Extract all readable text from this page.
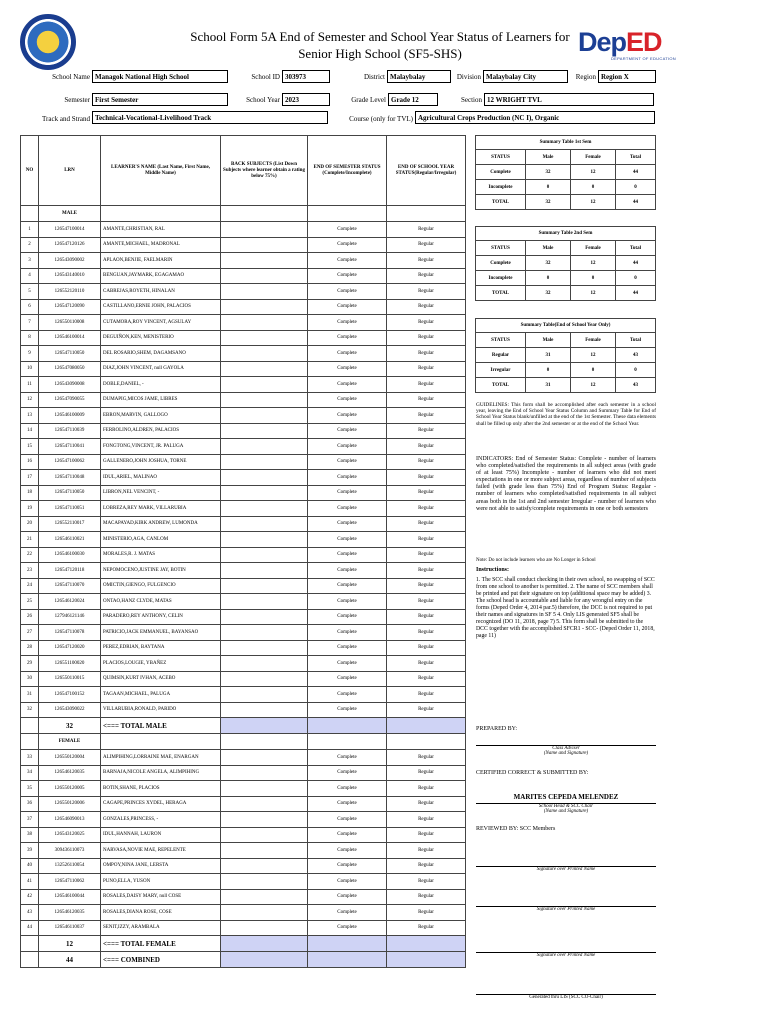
School Form 5A End of Semester and School Year Status of Learners for
Senior High School (SF5-SHS)	DepED
DEPARTMENT OF EDUCATION
School Name Managok National High School	School ID 303973	District Malaybalay	Division Malaybalay City	Region Region X
Semester First Semester	School Year 2023	Grade Level Grade 12	Section 12 WRIGHT TVL
Track and Strand Technical-Vocational-Livelihood Track	Course (only for TVL) Agricultural Crops Production (NC I), Organic
NO	LRN	LEARNER'S NAME (Last Name, First Name, Middle Name)	BACK SUBJECTS (List Down Subjects where learner obtain a rating below 75%)	END OF SEMESTER STATUS (Complete/Incomplete)	END OF SCHOOL YEAR STATUS(Regular/Irregular)
	MALE				
1	126547100014	AMANTE,CHRISTIAN, RAL		Complete	Regular
2	126547120126	AMANTE,MICHAEL, MADRONAL		Complete	Regular
3	126543090002	APLAON,BENJIE, FAELMARIN		Complete	Regular
4	126543140010	BENGUAN,JAYMARK, EGAGAMAO		Complete	Regular
5	126552120110	CABREJAS,ROYETH, HINALAN		Complete	Regular
6	126547120090	CASTILLANO,ERNIE JOHN, PALACIOS		Complete	Regular
7	126550110008	CUTAMORA,ROY VINCENT, AGSULAY		Complete	Regular
8	126546100014	DEGUIÑON,KEN, MENISTERIO		Complete	Regular
9	126547110050	DEL ROSARIO,SHEM, DAGAMSANO		Complete	Regular
10	126547080050	DIAZ,JOHN VINCENT, null GAYOLA		Complete	Regular
11	126543090008	DOBLE,DANIEL, -		Complete	Regular
12	126547090055	DUMAPIG,MICOS JAME, LIBRES		Complete	Regular
13	126546100009	EBRON,MARVIN, GALLOGO		Complete	Regular
14	126547110039	FERROLINO,ALDREN, PALACIOS		Complete	Regular
15	126547110041	FONGTONG,VINCENT, JR. PALUGA		Complete	Regular
16	126547100062	GALLENERO,JOHN JOSHUA, TORNE		Complete	Regular
17	126547110048	IDUL,ARIEL, MALINAO		Complete	Regular
18	126547110050	LIBRON,NEL VENCINT, -		Complete	Regular
19	126547110051	LOBREZA,REY MARK, VILLARUBIA		Complete	Regular
20	126552110017	MACAPAYAD,KIRK ANDREW, LUMONDA		Complete	Regular
21	126546110021	MINISTERIO,AGA, CANLOM		Complete	Regular
22	126546100030	MORALES,R. J. MATAS		Complete	Regular
23	126547120118	NEPOMOCENO,JUSTINE JAY, BOTIN		Complete	Regular
24	126547110070	OMICTIN,GIENGO, FULGENCIO		Complete	Regular
25	126546120024	ONTAO,HANZ CLYDE, MATAS		Complete	Regular
26	127946121146	PARADERO,REY ANTHONY, CELIN		Complete	Regular
27	126547110078	PATRICIO,JACK EMMANUEL, BAYANSAO		Complete	Regular
28	126547120020	PEREZ,EDRIAN, BAYTANA		Complete	Regular
29	126551100020	PLACIOS,LOUGIE, YBAÑEZ		Complete	Regular
30	126550110015	QUIMSIN,KURT IVHAN, ACEBO		Complete	Regular
31	126547100152	TAGAAN,MICHAEL, PALUGA		Complete	Regular
32	126543090022	VILLARUBIA,RONALD, PARIDO		Complete	Regular
	32	<=== TOTAL MALE			
	FEMALE				
33	126550120004	ALIMPIHING,LORRAINE MAE, ENARGAN		Complete	Regular
34	126546120035	BARNAJA,NICOLE ANGELA, ALIMPIHING		Complete	Regular
35	126550120005	BOTIN,SHANE, PLACIOS		Complete	Regular
36	126550120006	CAGAPE,PRINCES XYDEL, HERAGA		Complete	Regular
37	126546090013	GONZALES,PRINCESS, -		Complete	Regular
38	126543120025	IDUL,HANNAH, LAURON		Complete	Regular
39	309436110073	NARVASA,NOVIE MAE, REPELENTE		Complete	Regular
40	132526110054	OMPOY,NINA JANE, LERSTA		Complete	Regular
41	126547110062	PUNO,ELLA, YUSON		Complete	Regular
42	126546100044	ROSALES,DAISY MARY, null COSE		Complete	Regular
43	126546120035	ROSALES,DIANA ROSE, COSE		Complete	Regular
44	126546110037	SENIT,IZZY, ARAMBALA		Complete	Regular
	12	<=== TOTAL FEMALE			
	44	<=== COMBINED			
Summary Table 1st Sem			
STATUS	Male	Female	Total
Complete	32	12	44
Incomplete	0	0	0
TOTAL	32	12	44
Summary Table 2nd Sem			
STATUS	Male	Female	Total
Complete	32	12	44
Incomplete	0	0	0
TOTAL	32	12	44
Summary Table(End of School Year Only)			
STATUS	Male	Female	Total
Regular	31	12	43
Irregular	0	0	0
TOTAL	31	12	43
GUIDELINES: This form shall be accomplished after each semester in a school year, leaving the End of School Year Status Column and Summary Table for End of School Year Status blank/unfilled at the end of the 1st Semester. These data elements shall be filled up only after the 2nd semester or at the end of the School Year.
INDICATORS: End of Semester Status: Complete - number of learners who completed/satisfied the requirements in all subject areas (with grade of at least 75%) Incomplete - number of learners who did not meet expectations in one or more subject areas, regardless of number of subjects failed (with grade less than 75%) End of Program Status: Regular - number of learners who completed/satisfied requirements in all subject areas both in the 1st and 2nd semester Irregular - number of learners who were not able to satisfy/complete requirements in one or both semesters
Note: Do not include learners who are No Longer in School
Instructions:
1. The SCC shall conduct checking in their own school, no swapping of SCC from one school to another is permitted. 2. The name of SCC members shall be printed and put their signature on top (additional space may be added) 3. The school head is accountable and liable for any wrongful entry on the forms (Deped Order 4, 2014 par.5) therefore, the DCC is not required to put their names and signatures in SF 5 4. Only LIS generated SF5 shall be recognized (DO 11, 2018, page 7) 5. This form shall be submitted to the DCC together with the accomplished SFCR1 - SCC- (Deped Order 11, 2018, page 11)
PREPARED BY:
Class Adviser
(Name and Signature)
CERTIFIED CORRECT & SUBMITTED BY:
MARITES CEPEDA MELENDEZ
School Head & SCC Chair
(Name and Signature)
REVIEWED BY: SCC Members
Signature over Printed Name
Signature over Printed Name
Signature over Printed Name
Generated thru LIS (SCC CO-Chair)
